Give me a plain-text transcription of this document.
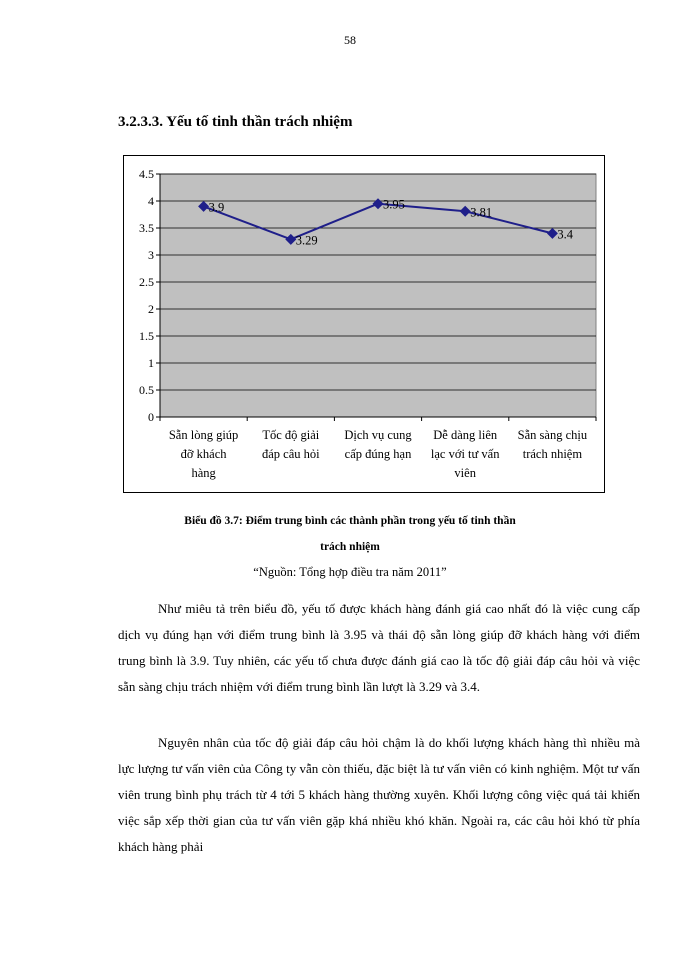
58
3.2.3.3. Yếu tố tinh thần trách nhiệm
0
0.5
1
1.5
2
2.5
3
3.5
4
4.5
Sẵn lòng giúp đỡ khách hàng
Tốc độ giải đáp câu hỏi
Dịch vụ cung cấp đúng hạn
Dễ dàng liên lạc với tư vấn viên
Sẵn sàng chịu trách nhiệm
3.9
3.29
3.95
3.81
3.4
Biểu đồ 3.7: Điểm trung bình các thành phần trong yếu tố tinh thần
trách nhiệm
“Nguồn: Tổng hợp điều tra năm 2011”
Như miêu tả trên biểu đồ, yếu tố được khách hàng đánh giá cao nhất đó là việc cung cấp dịch vụ đúng hạn với điểm trung bình là 3.95 và thái độ sẵn lòng giúp đỡ khách hàng với điểm trung bình là 3.9. Tuy nhiên, các yếu tố chưa được đánh giá cao là tốc độ giải đáp câu hỏi và việc sẵn sàng chịu trách nhiệm với điểm trung bình lần lượt là 3.29 và 3.4.
Nguyên nhân của tốc độ giải đáp câu hỏi chậm là do khối lượng khách hàng thì nhiều mà lực lượng tư vấn viên của Công ty vẫn còn thiếu, đặc biệt là tư vấn viên có kinh nghiệm. Một tư vấn viên trung bình phụ trách từ 4 tới 5 khách hàng thường xuyên. Khối lượng công việc quá tải khiến việc sắp xếp thời gian của tư vấn viên gặp khá nhiều khó khăn. Ngoài ra, các câu hỏi khó từ phía khách hàng phải
